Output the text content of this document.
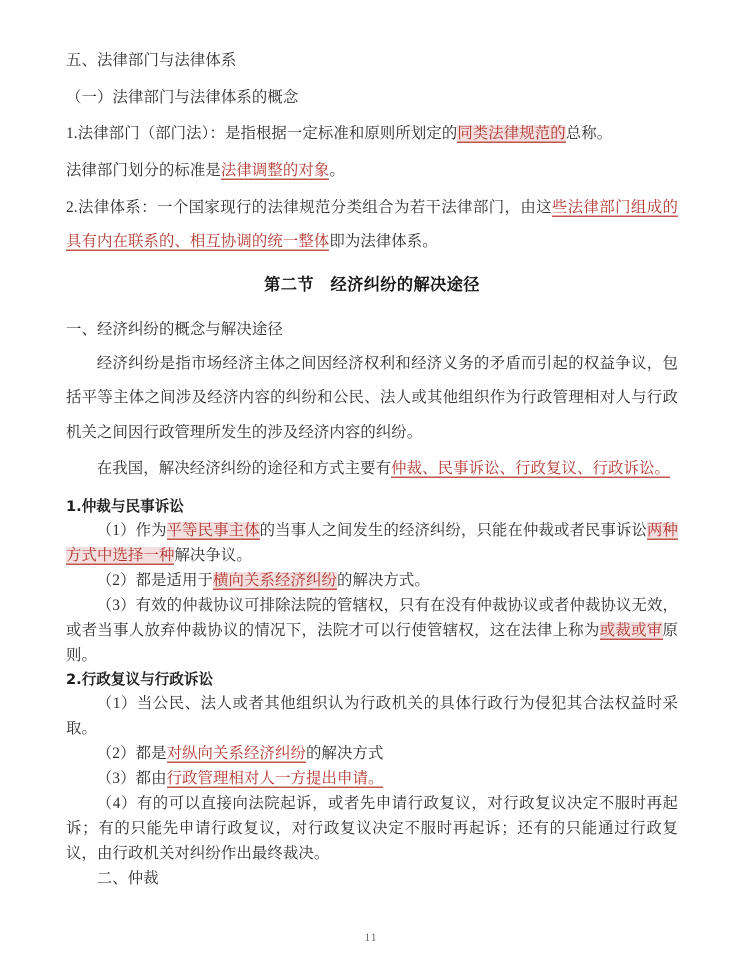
五、法律部门与法律体系

（一）法律部门与法律体系的概念

1.法律部门（部门法）：是指根据一定标准和原则所划定的同类法律规范的总称。

法律部门划分的标准是法律调整的对象。

2.法律体系：一个国家现行的法律规范分类组合为若干法律部门，由这些法律部门组成的具有内在联系的、相互协调的统一整体即为法律体系。

第二节　经济纠纷的解决途径

一、经济纠纷的概念与解决途径

经济纠纷是指市场经济主体之间因经济权利和经济义务的矛盾而引起的权益争议，包括平等主体之间涉及经济内容的纠纷和公民、法人或其他组织作为行政管理相对人与行政机关之间因行政管理所发生的涉及经济内容的纠纷。

在我国，解决经济纠纷的途径和方式主要有仲裁、民事诉讼、行政复议、行政诉讼。

1.仲裁与民事诉讼

（1）作为平等民事主体的当事人之间发生的经济纠纷，只能在仲裁或者民事诉讼两种方式中选择一种解决争议。

（2）都是适用于横向关系经济纠纷的解决方式。

（3）有效的仲裁协议可排除法院的管辖权，只有在没有仲裁协议或者仲裁协议无效，或者当事人放弃仲裁协议的情况下，法院才可以行使管辖权，这在法律上称为或裁或审原则。

2.行政复议与行政诉讼

（1）当公民、法人或者其他组织认为行政机关的具体行政行为侵犯其合法权益时采取。

（2）都是对纵向关系经济纠纷的解决方式

（3）都由行政管理相对人一方提出申请。

（4）有的可以直接向法院起诉，或者先申请行政复议，对行政复议决定不服时再起诉；有的只能先申请行政复议，对行政复议决定不服时再起诉；还有的只能通过行政复议，由行政机关对纠纷作出最终裁决。

二、仲裁

11
